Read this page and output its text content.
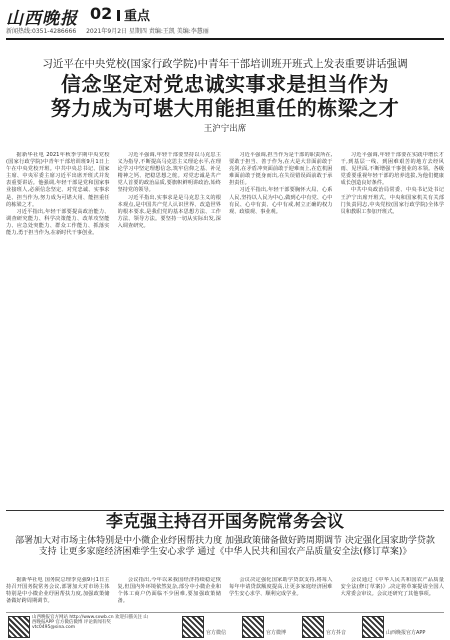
山西晚报 02 重点
新闻热线:0351-4286666 2021年9月2日 星期四 责编:王凯 美编:李慧丽
习近平在中央党校(国家行政学院)中青年干部培训班开班式上发表重要讲话强调
信念坚定对党忠诚实事求是担当作为
努力成为可堪大用能担重任的栋梁之才
王沪宁出席

据新华社电 2021年秋季学期中央党校(国家行政学院)中青年干部培训班9月1日上午在中央党校开班。中共中央总书记、国家主席、中央军委主席习近平出席开班式并发表重要讲话。他强调,年轻干部是党和国家事业接班人,必须信念坚定、对党忠诚、实事求是、担当作为,努力成为可堪大用、能担重任的栋梁之才。

习近平指出,年轻干部要提高政治能力、调查研究能力、科学决策能力、改革攻坚能力、应急处突能力、群众工作能力、抓落实能力,勇于担当作为,在新时代干事创业。

习近平强调,年轻干部要坚持以马克思主义为指导,不断提高马克思主义理论水平,在理论学习中坚定理想信念,筑牢信仰之基、补足精神之钙、把稳思想之舵。对党忠诚是共产党人首要的政治品质,要旗帜鲜明讲政治,始终坚持党的领导。

习近平指出,实事求是是马克思主义的根本观点,是中国共产党人认识世界、改造世界的根本要求,是我们党的基本思想方法、工作方法、领导方法。要坚持一切从实际出发,深入调查研究。

习近平强调,担当作为是干部的职责所在,要敢于担当、善于作为,在大是大非面前敢于亮剑,在矛盾冲突面前敢于迎难而上,在危机困难面前敢于挺身而出,在失误错误面前敢于承担责任。

习近平指出,年轻干部要胸怀大局、心系人民,坚持以人民为中心,做到心中有党、心中有民、心中有责、心中有戒,树立正确的权力观、政绩观、事业观。

习近平强调,年轻干部要在实践中增长才干,到基层一线、到困难艰苦的地方去经风雨、见世面,不断增强干事创业的本领。各级党委要重视年轻干部的培养选拔,为他们健康成长创造良好条件。

中共中央政治局常委、中央书记处书记王沪宁出席开班式。中央和国家机关有关部门负责同志,中央党校(国家行政学院)全体学员和教职工参加开班式。

李克强主持召开国务院常务会议
部署加大对市场主体特别是中小微企业纾困帮扶力度 加强政策储备做好跨周期调节 决定强化国家助学贷款支持 让更多家庭经济困难学生安心求学 通过《中华人民共和国农产品质量安全法(修订草案)》

据新华社电 国务院总理李克强9月1日主持召开国务院常务会议,部署加大对市场主体特别是中小微企业纾困帮扶力度,加强政策储备做好跨周期调节。

会议指出,今年以来我国经济持续稳定恢复,但国内外环境依然复杂,部分中小微企业和个体工商户仍面临不少困难,要加强政策储备。

会议决定强化国家助学贷款支持,将每人每年申请贷款额度提高,让更多家庭经济困难学生安心求学、顺利完成学业。

会议通过《中华人民共和国农产品质量安全法(修订草案)》,决定将草案提请全国人大常委会审议。会议还研究了其他事项。

山西晚报官方网站 http://www.sxwb.cn 欢迎扫描关注 山西晚报APP 官方微信微博 评论新闻有奖 vtc0495@sina.com
官方微信	官方微博	官方抖音	山西晚报官方APP
